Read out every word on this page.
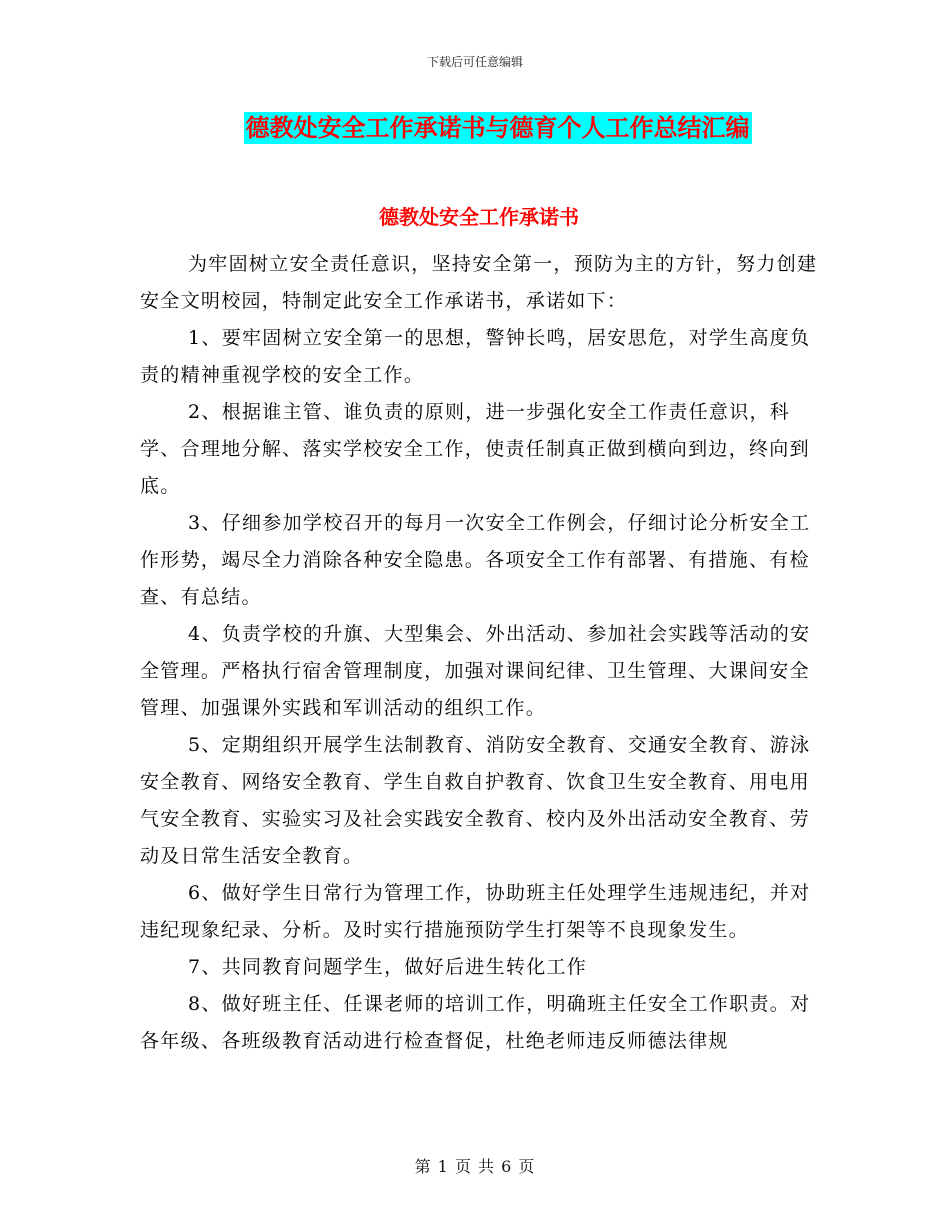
下载后可任意编辑
德教处安全工作承诺书与德育个人工作总结汇编
德教处安全工作承诺书

为牢固树立安全责任意识，坚持安全第一，预防为主的方针，努力创建安全文明校园，特制定此安全工作承诺书，承诺如下：

1、要牢固树立安全第一的思想，警钟长鸣，居安思危，对学生高度负责的精神重视学校的安全工作。

2、根据谁主管、谁负责的原则，进一步强化安全工作责任意识，科学、合理地分解、落实学校安全工作，使责任制真正做到横向到边，终向到底。

3、仔细参加学校召开的每月一次安全工作例会，仔细讨论分析安全工作形势，竭尽全力消除各种安全隐患。各项安全工作有部署、有措施、有检查、有总结。

4、负责学校的升旗、大型集会、外出活动、参加社会实践等活动的安全管理。严格执行宿舍管理制度，加强对课间纪律、卫生管理、大课间安全管理、加强课外实践和军训活动的组织工作。

5、定期组织开展学生法制教育、消防安全教育、交通安全教育、游泳安全教育、网络安全教育、学生自救自护教育、饮食卫生安全教育、用电用气安全教育、实验实习及社会实践安全教育、校内及外出活动安全教育、劳动及日常生活安全教育。

6、做好学生日常行为管理工作，协助班主任处理学生违规违纪，并对违纪现象纪录、分析。及时实行措施预防学生打架等不良现象发生。

7、共同教育问题学生，做好后进生转化工作

8、做好班主任、任课老师的培训工作，明确班主任安全工作职责。对各年级、各班级教育活动进行检查督促，杜绝老师违反师德法律规

第 1 页 共 6 页
